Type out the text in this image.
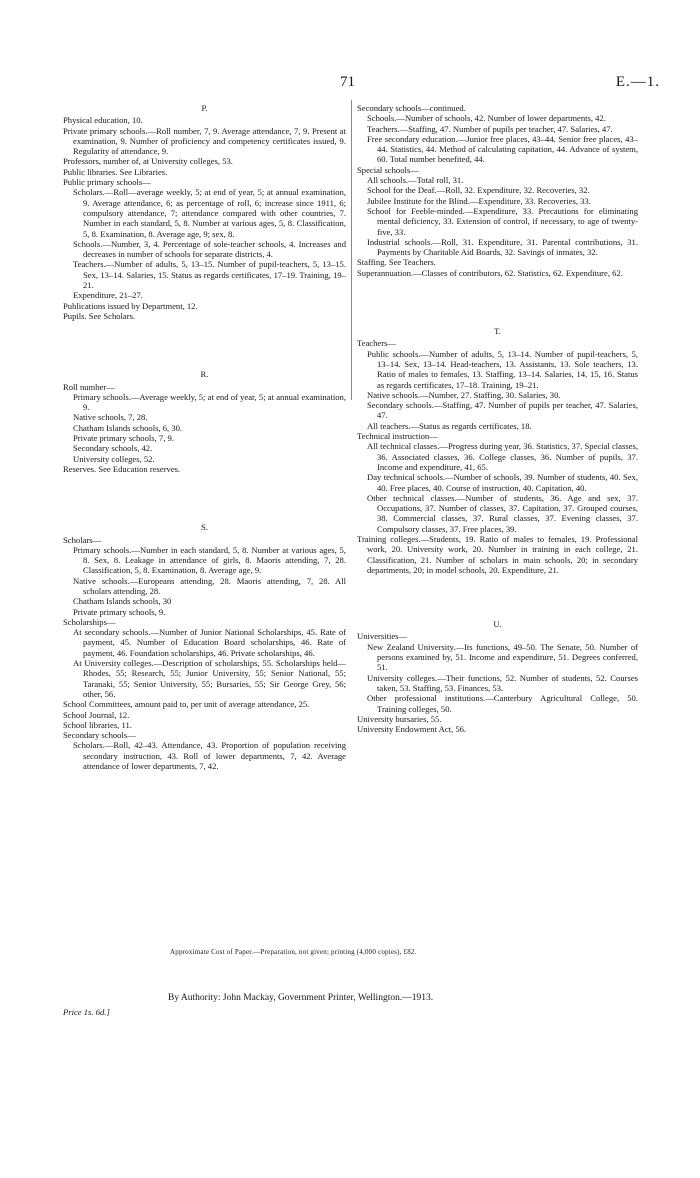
71	E.—1.
P.

Physical education, 10.

Private primary schools.—Roll number, 7, 9. Average attendance, 7, 9. Present at examination, 9. Number of proficiency and competency certificates issued, 9. Regularity of attendance, 9.

Professors, number of, at University colleges, 53.

Public libraries. See Libraries.

Public primary schools—

Scholars.—Roll—average weekly, 5; at end of year, 5; at annual examination, 9. Average attendance, 6; as percentage of roll, 6; increase since 1911, 6; compulsory attendance, 7; attendance compared with other countries, 7. Number in each standard, 5, 8. Number at various ages, 5, 8. Classification, 5, 8. Examination, 8. Average age, 9; sex, 8.

Schools.—Number, 3, 4. Percentage of sole-teacher schools, 4. Increases and decreases in number of schools for separate districts, 4.

Teachers.—Number of adults, 5, 13–15. Number of pupil-teachers, 5, 13–15. Sex, 13–14. Salaries, 15. Status as regards certificates, 17–19. Training, 19–21.

Expenditure, 21–27.

Publications issued by Department, 12.

Pupils. See Scholars.

R.

Roll number—

Primary schools.—Average weekly, 5; at end of year, 5; at annual examination, 9.

Native schools, 7, 28.

Chatham Islands schools, 6, 30.

Private primary schools, 7, 9.

Secondary schools, 42.

University colleges, 52.

Reserves. See Education reserves.

S.

Scholars—

Primary schools.—Number in each standard, 5, 8. Number at various ages, 5, 8. Sex, 8. Leakage in attendance of girls, 8. Maoris attending, 7, 28. Classification, 5, 8. Examination, 8. Average age, 9.

Native schools.—Europeans attending, 28. Maoris attending, 7, 28. All scholars attending, 28.

Chatham Islands schools, 30

Private primary schools, 9.

Scholarships—

At secondary schools.—Number of Junior National Scholarships, 45. Rate of payment, 45. Number of Education Board scholarships, 46. Rate of payment, 46. Foundation scholarships, 46. Private scholarships, 46.

At University colleges.—Description of scholarships, 55. Scholarships held—Rhodes, 55; Research, 55; Junior University, 55; Senior National, 55; Taranaki, 55; Senior University, 55; Bursaries, 55; Sir George Grey, 56; other, 56.

School Committees, amount paid to, per unit of average attendance, 25.

School Journal, 12.

School libraries, 11.

Secondary schools—

Scholars.—Roll, 42–43. Attendance, 43. Proportion of population receiving secondary instruction, 43. Roll of lower departments, 7, 42. Average attendance of lower departments, 7, 42.

Secondary schools—continued.

Schools.—Number of schools, 42. Number of lower departments, 42.

Teachers.—Staffing, 47. Number of pupils per teacher, 47. Salaries, 47.

Free secondary education.—Junior free places, 43–44. Senior free places, 43–44. Statistics, 44. Method of calculating capitation, 44. Advance of system, 60. Total number benefited, 44.

Special schools—

All schools.—Total roll, 31.

School for the Deaf.—Roll, 32. Expenditure, 32. Recoveries, 32.

Jubilee Institute for the Blind.—Expenditure, 33. Recoveries, 33.

School for Feeble-minded.—Expenditure, 33. Precautions for eliminating mental deficiency, 33. Extension of control, if necessary, to age of twenty-five, 33.

Industrial schools.—Roll, 31. Expenditure, 31. Parental contributions, 31. Payments by Charitable Aid Boards, 32. Savings of inmates, 32.

Staffing. See Teachers.

Superannuation.—Classes of contributors, 62. Statistics, 62. Expenditure, 62.

T.

Teachers—

Public schools.—Number of adults, 5, 13–14. Number of pupil-teachers, 5, 13–14. Sex, 13–14. Head-teachers, 13. Assistants, 13. Sole teachers, 13. Ratio of males to females, 13. Staffing, 13–14. Salaries, 14, 15, 16. Status as regards certificates, 17–18. Training, 19–21.

Native schools.—Number, 27. Staffing, 30. Salaries, 30.

Secondary schools.—Staffing, 47. Number of pupils per teacher, 47. Salaries, 47.

All teachers.—Status as regards certificates, 18.

Technical instruction—

All technical classes.—Progress during year, 36. Statistics, 37. Special classes, 36. Associated classes, 36. College classes, 36. Number of pupils, 37. Income and expenditure, 41, 65.

Day technical schools.—Number of schools, 39. Number of students, 40. Sex, 40. Free places, 40. Course of instruction, 40. Capitation, 40.

Other technical classes.—Number of students, 36. Age and sex, 37. Occupations, 37. Number of classes, 37. Capitation, 37. Grouped courses, 38. Commercial classes, 37. Rural classes, 37. Evening classes, 37. Compulsory classes, 37. Free places, 39.

Training colleges.—Students, 19. Ratio of males to females, 19. Professional work, 20. University work, 20. Number in training in each college, 21. Classification, 21. Number of scholars in main schools, 20; in secondary departments, 20; in model schools, 20. Expenditure, 21.

U.

Universities—

New Zealand University.—Its functions, 49–50. The Senate, 50. Number of persons examined by, 51. Income and expenditure, 51. Degrees conferred, 51.

University colleges.—Their functions, 52. Number of students, 52. Courses taken, 53. Staffing, 53. Finances, 53.

Other professional institutions.—Canterbury Agricultural College, 50. Training colleges, 50.

University bursaries, 55.

University Endowment Act, 56.

Approximate Cost of Paper.—Preparation, not given; printing (4,000 copies), £82.
By Authority: John Mackay, Government Printer, Wellington.—1913.
Price 1s. 6d.]
